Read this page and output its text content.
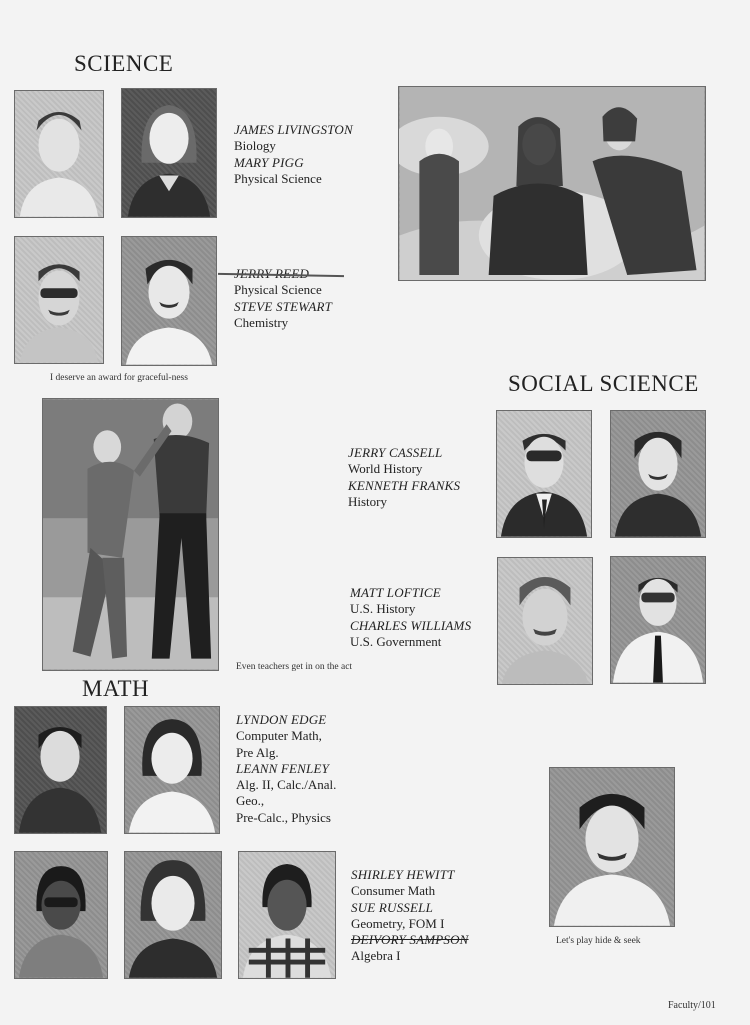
SCIENCE
JAMES LIVINGSTON
Biology
MARY PIGG
Physical Science
Physical Science
STEVE STEWART
Chemistry
I deserve an award for graceful-ness	SOCIAL SCIENCE
JERRY CASSELL
World History
KENNETH FRANKS
History
MATT LOFTICE
U.S. History
CHARLES WILLIAMS
U.S. Government
Even teachers get in on the act
MATH
LYNDON EDGE
Computer Math,
Pre Alg.
LEANN FENLEY
Alg. II, Calc./Anal.
Geo.,
Pre-Calc., Physics
Let's play hide & seek
SHIRLEY HEWITT
Consumer Math
SUE RUSSELL
Geometry, FOM I
DEIVORY SAMPSON
Algebra I
Faculty/101
